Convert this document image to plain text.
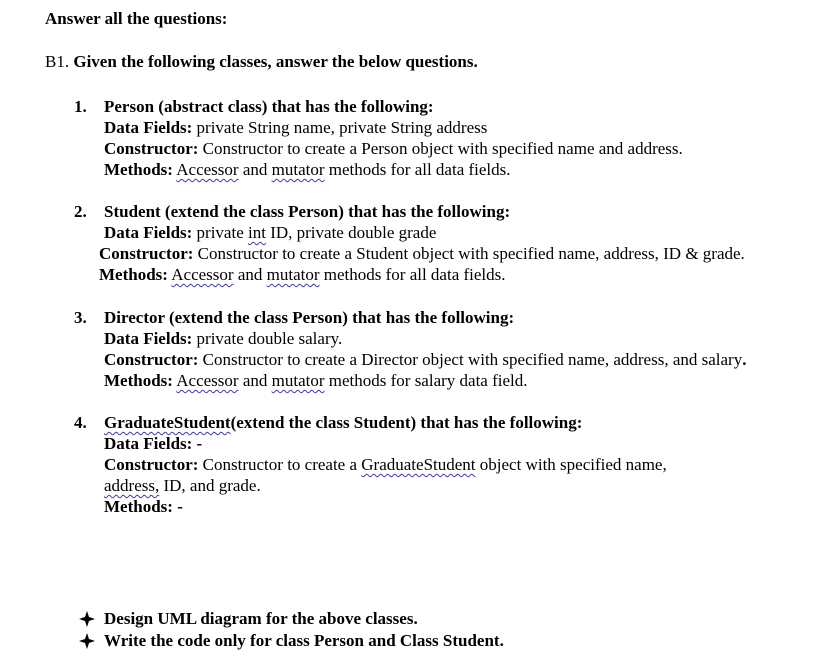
Answer all the questions:
B1. Given the following classes, answer the below questions.
1. Person (abstract class) that has the following:
Data Fields: private String name, private String address
Constructor: Constructor to create a Person object with specified name and address.
Methods: Accessor and mutator methods for all data fields.
2. Student (extend the class Person) that has the following:
Data Fields: private int ID, private double grade
Constructor: Constructor to create a Student object with specified name, address, ID & grade.
Methods: Accessor and mutator methods for all data fields.
3. Director (extend the class Person) that has the following:
Data Fields: private double salary.
Constructor: Constructor to create a Director object with specified name, address, and salary.
Methods: Accessor and mutator methods for salary data field.
4. GraduateStudent(extend the class Student) that has the following:
Data Fields: -
Constructor: Constructor to create a GraduateStudent object with specified name,
address, ID, and grade.
Methods: -
Design UML diagram for the above classes.
Write the code only for class Person and Class Student.
